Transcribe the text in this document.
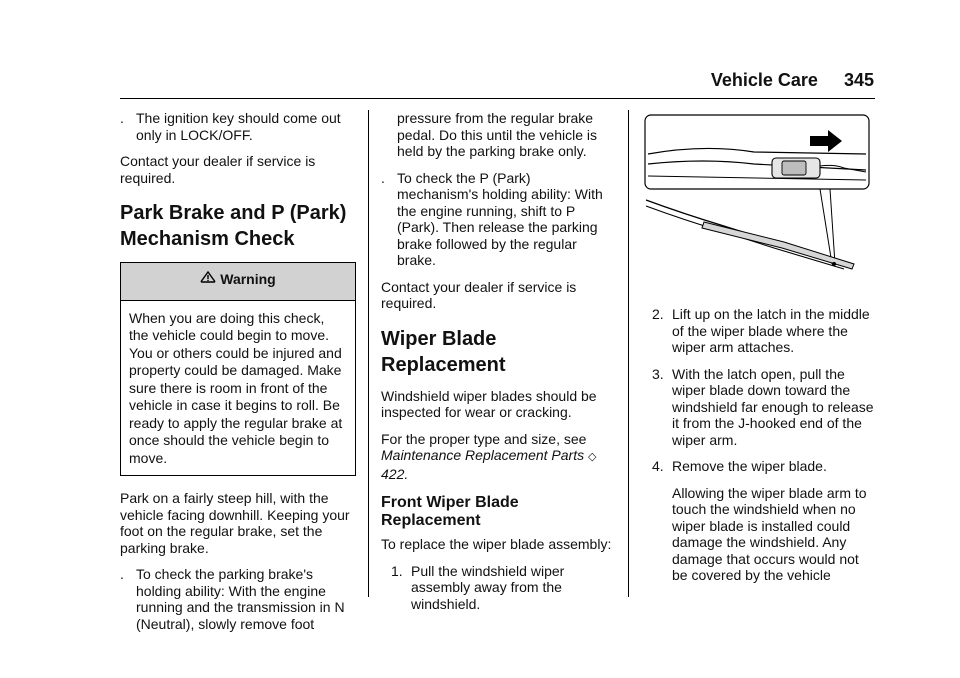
Vehicle Care 345
. The ignition key should come out only in LOCK/OFF.

Contact your dealer if service is required.

Park Brake and P (Park) Mechanism Check
Warning
When you are doing this check, the vehicle could begin to move. You or others could be injured and property could be damaged. Make sure there is room in front of the vehicle in case it begins to roll. Be ready to apply the regular brake at once should the vehicle begin to move.

Park on a fairly steep hill, with the vehicle facing downhill. Keeping your foot on the regular brake, set the parking brake.

. To check the parking brake's holding ability: With the engine running and the transmission in N (Neutral), slowly remove foot
pressure from the regular brake pedal. Do this until the vehicle is held by the parking brake only.
. To check the P (Park) mechanism's holding ability: With the engine running, shift to P (Park). Then release the parking brake followed by the regular brake.

Contact your dealer if service is required.

Wiper Blade Replacement

Windshield wiper blades should be inspected for wear or cracking.

For the proper type and size, see Maintenance Replacement Parts ◇ 422.

Front Wiper Blade Replacement

To replace the wiper blade assembly:

1. Pull the windshield wiper assembly away from the windshield.
2. Lift up on the latch in the middle of the wiper blade where the wiper arm attaches.
3. With the latch open, pull the wiper blade down toward the windshield far enough to release it from the J-hooked end of the wiper arm.
4. Remove the wiper blade.
Allowing the wiper blade arm to touch the windshield when no wiper blade is installed could damage the windshield. Any damage that occurs would not be covered by the vehicle
